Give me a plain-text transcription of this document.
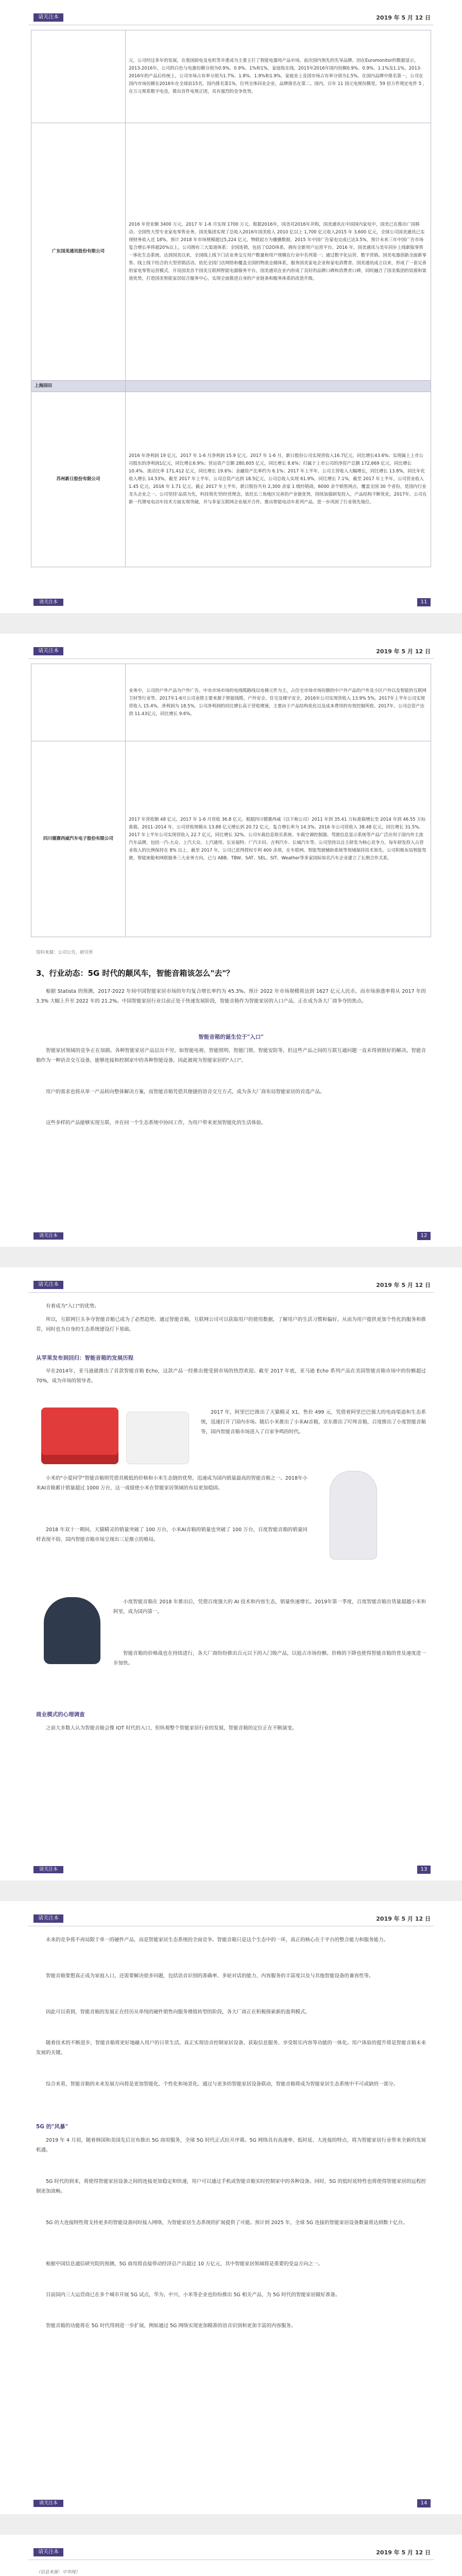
请关注本	2019 年 5 月 12 日
	元，公司经过多年的发展，在我国厨电及电机等并重成为主要主打了智能电器用产品市场，前次国内领先的先导品牌。因在Euromonitor的数据显示，2013-2016年，公司的白色与电器份额分别为0.9%、0.9%、1%和1%，家庭收在线，2015年2016年国内份额0.9%、0.9%、1.1%及1.1%，2013-2016年的产品后传统上，公司市场占有率分别为1.7%、1.8%、1.9%和1.9%，家庭业上及国市场占有率分别为1.5%，在国内品牌中排名第一，公司在国内市场份额在2016年在全球前15名，国内排名第1%，位列全体同业企业，品牌排名在第二。国内，百年 11 国元电规份额是，59 倍万件规定电件 5 ，在万元规系数字电竞，推出首件电规正团，具有强烈的竞争优势。
广东国美通讯股份有限公司	2016 年营业额 3400 万元，2017 年 1-6 月实现 1700 万元。根据2016年，国美对2016年并购，国美通讯在中国国内家电中，国美已在推出广国移动、全国性大型专业家电零售业务。国美集团实现了总收入2016年国美收入 2010 亿以上 1,700 亿元收入2015 年 3,600 亿元，全球公司国美通讯已实现财务收入近 18%，预计 2018 年市场规模超过5,224 亿元，物联起方为播播数据，2015 年中国广告家电完成已达3.5%，预计未来三年中国广告市场复合增长率将超20%以上。公司拥有三大渠道体系：全国连锁，包括了O2O体系，拥有全新用户运营平台。2016 年，国美通讯与美年同步上线新版零售一体化生态系统。达到国美以来，全国线上线下门店业务交互用户数量和用户规模在行业中名列第一；通过数字化运营、数字营销、国美电器创新全面新零售、线上线下结合的大型营销活动。依托全国门店网络和覆盖全国的物流仓储体系，服务国美家电企业和家电消费者。国美通讯成立以来，形成了一套完善的家电零售运营模式，开设国美首个国美互联网智能电器服务平台，国美通讯在业内形成了良好的品牌口碑和消费者口碑，同时融合了国美集团的资源和渠道优势，打造国美智能家居综合服务中心，实现全面推进自身的产业链条和服务体系的改造升级。
上海园田	
苏州新日股份有限公司	2016 年净利润 19 亿元，2017 年 1-6 月净利润 15.9 亿元。2017 年 1-6 月，新日股份公司实现营收入16.7亿元，同比增长43.6%；实现属上上市公司股东的净利润1亿元，同比增长6.9%；营运资产总额 280,605 亿元，同比增长 8.6%；归属于上市公司的净资产总额 172,669 亿元，同比增长 10.4%。流动比率 171,412 亿元，同比增长 19.6%；金融资产比率约为 6.1%；2017 年上半年，公司主营收入大幅增长，同比增长 13.8%，同比年化收入增长 14.53%，截至 2017 年上半年，公司总资产达到 18.5亿元，公司总收入实现 61.9%，同比增长 7.1%，截至 2017 年上半年，公司营业收入 1.45 亿元，2016 年 1.71 亿元。截止 2017 年上半年，新日股份共有 2,300 余家 1 级经销商，6000 余个销售网点，覆盖全国 30 个省份，是国内行业龙头企业之一。公司坚持'品质为先，科技领先'的经营理念，依托长三角地区完善的产业链优势，持续加强研发投入，产品结构不断优化。2017年，公司在新一代锂电电动车技术方面实现突破，并与多家互联网企业展开合作，推出智能电动车系列产品，进一步巩固了行业领先地位。
请关注本	11
请关注本	2019 年 5 月 12 日
	业务中，公司的户外产品为户外广告、中央市场市场的电线缆路线以电梯元件为主，占住宅市场市场份额的中户外产品的户外及小区户外以及智能的互联网卫材等行业等。2017年1-6月公司业绩主要来源于智能线缆、户外安全、住宅及楼宇安全，2016年公司实现营收入 13.9% 5%，2017年上半年公司实现营收入 15.4%，净利润为 18.5%，公司净利润的同比增长高于营收增速，主要由于产品结构优化以及成本费用的有效控制所致。2017年，公司总资产达到 11.43亿元，同比增长 9.6%。
四川德赛西威汽车电子股份有限公司	2017 年营收额 48 亿元，2017 年 1-6 月营收 36.8 亿元。根据四川德赛西威（以下称公司）2011 年到 35.41 万标准箱增长至 2014 年到 46.55 万标准箱，2011–2014 年，公司营收规模从 13.88 亿元增长到 20.72 亿元，复合增长率为 14.3%。2016 年公司营收入 38.48 亿元，同比增长 31.5%。2017 年上半年公司实现营收入 22.7 亿元，同比增长 32%。公司车载信息娱乐系统、车载空调控制器、驾驶信息显示系统等产品广泛应用于国内外主流汽车品牌，包括一汽-大众、上汽大众、上汽通用、长安福特、广汽丰田、吉利汽车、长城汽车等。公司坚持以自主研发为核心竞争力，每年研发投入占营业收入的比例保持在 8% 以上，截至 2017 年，公司已获得授权专利 400 余项，在车联网、智能驾驶辅助系统等领域保持技术领先。公司积极布局智能驾驶、智能座舱和网联服务三大业务方向，已与 ABB、TBW、SAT、SEL、SIT、Weather等多家国际知名汽车企业建立了长期合作关系。
资料来源：公司公告，研究所
3、行业动态：5G 时代的颠风车，智能音箱该怎么"去"？

根据 Statista 的预测，2017-2022 年间中国智能家居市场的年均复合增长率约为 45.3%。预计 2022 年市场规模将达到 1627 亿元人民币，而市场渗透率将从 2017 年的 3.3% 大幅上升至 2022 年的 21.2%。中国智能家居行业目前正处于快速发展阶段，智能音箱作为智能家居的入口产品，正在成为各大厂商争夺的焦点。

智能音箱的诞生位于"入口"

智能家居领域的竞争正在加剧。各种智能家居产品层出不穷，如智能电视、智能照明、智能门锁、智能安防等，但这些产品之间的互联互通问题一直未得到很好的解决。智能音箱作为一种语音交互设备，能够连接和控制家中的各种智能设备，因此被视为智能家居的"入口"。

用户的需求也将从单一产品转向整体解决方案，而智能音箱凭借其便捷的语音交互方式，成为各大厂商布局智能家居的首选产品。

这些多样的产品能够实现互联，并在同一个生态系统中协同工作，为用户带来更加智能化的生活体验。

请关注本	12
请关注本	2019 年 5 月 12 日

有着成为"入口"的优势。

所以，互联网巨头争夺智能音箱已成为了必然趋势。通过智能音箱，互联网公司可以获取用户的使用数据，了解用户的生活习惯和偏好，从而为用户提供更加个性化的服务和推荐，同时也为自身的生态系统建设打下基础。

从苹果发布到回归：智能音箱的发展历程

早在2014年，亚马逊就推出了首款智能音箱 Echo，这款产品一经推出便受到市场的热烈欢迎。截至 2017 年底，亚马逊 Echo 系列产品在美国智能音箱市场中的份额超过 70%，成为市场的领导者。

2017 年，阿里巴巴推出了天猫精灵 X1，售价 499 元，凭借着阿里巴巴强大的电商渠道和生态系统，迅速打开了国内市场。随后小米推出了小米AI音箱，京东推出了叮咚音箱，百度推出了小度智能音箱等，国内智能音箱市场进入了百家争鸣的时代。

小米的"小爱同学"智能音箱则凭借其极低的价格和小米生态链的优势，迅速成为国内销量最高的智能音箱之一。2018年小米AI音箱累计销量超过 1000 万台，这一成绩使小米在智能家居领域的布局更加稳固。

2018 年双十一期间，天猫精灵的销量突破了 100 万台，小米AI音箱的销量也突破了 100 万台，百度智能音箱的销量同样表现不俗，国内智能音箱市场呈现出三足鼎立的格局。

小度智能音箱在 2018 年推出后，凭借百度强大的 AI 技术和内容生态，销量快速增长。2019年第一季度，百度智能音箱出货量超越小米和阿里，成为国内第一。

智能音箱的价格战也在持续进行，各大厂商纷纷推出百元以下的入门级产品，以抢占市场份额。价格的下降也使得智能音箱的普及速度进一步加快。

商业模式的心理调查

之前大多数人认为智能音箱会像 IOT 时代的入口，但纵观整个智能家居行业的发展，智能音箱的定位正在不断演变。

请关注本	13
请关注本	2019 年 5 月 12 日

未来的竞争将不再局限于单一的硬件产品，而是智能家居生态系统的全面竞争。智能音箱只是这个生态中的一环，真正的核心在于平台的整合能力和服务能力。

智能音箱要想真正成为家庭入口，还需要解决很多问题，包括语音识别的准确率、多轮对话的能力、内容服务的丰富度以及与其他智能设备的兼容性等。

因此可以看到，智能音箱的发展正在经历从单纯的硬件销售向服务增值转型的阶段，各大厂商正在积极探索新的盈利模式。

随着技术的不断进步，智能音箱将更好地融入用户的日常生活，真正实现语音控制家居设备、获取信息服务、享受娱乐内容等功能的一体化。用户体验的提升将是智能音箱未来发展的关键。

综合来看，智能音箱的未来发展方向将是更加智能化、个性化和场景化。通过与更多的智能家居设备联动，智能音箱将成为智能家居生态系统中不可或缺的一部分。

5G 的"风暴"

2019 年 4 月初，随着韩国和美国先后宣布推出 5G 商用服务，全球 5G 时代正式拉开序幕。5G 网络具有高速率、低时延、大连接的特点，将为智能家居行业带来全新的发展机遇。

5G 时代的到来，将使得智能家居设备之间的连接更加稳定和快速，用户可以通过手机或智能音箱实时控制家中的各种设备。同时，5G 的低时延特性也将使得智能家居的远程控制更加流畅。

5G 的大连接特性将支持更多的智能设备同时接入网络，为智能家居生态系统的扩展提供了可能。预计到 2025 年，全球 5G 连接的智能家居设备数量将达到数十亿台。

根据中国信息通信研究院的预测，5G 商用将直接带动经济总产出超过 10 万亿元，其中智能家居领域将是重要的受益方向之一。

目前国内三大运营商已在多个城市开展 5G 试点，华为、中兴、小米等企业也纷纷推出 5G 相关产品，为 5G 时代的智能家居做好准备。

智能音箱的功能将在 5G 时代得到进一步扩展，例如通过 5G 网络实现更加精准的语音识别和更加丰富的内容服务。

请关注本	14
请关注本	2019 年 5 月 12 日
（信息来源：中华网）
